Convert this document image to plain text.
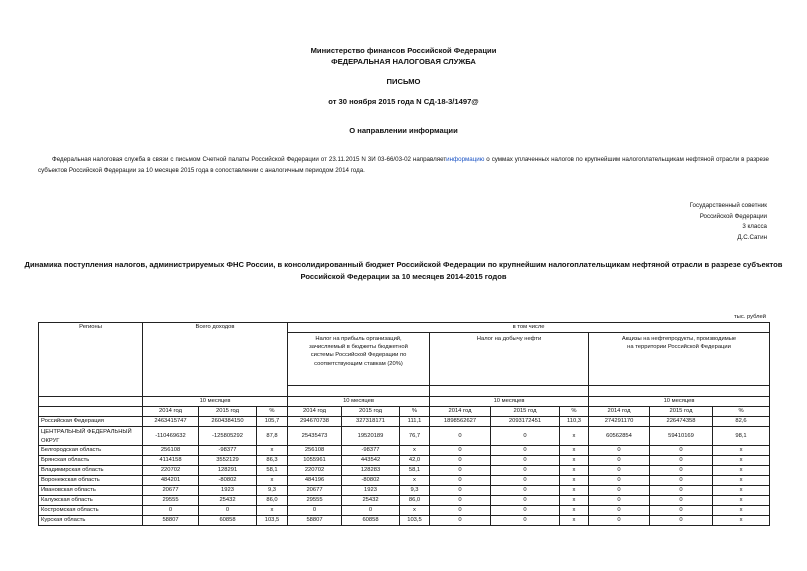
Министерство финансов Российской Федерации
ФЕДЕРАЛЬНАЯ НАЛОГОВАЯ СЛУЖБА
ПИСЬМО
от 30 ноября 2015 года N СД-18-3/1497@
О направлении информации
Федеральная налоговая служба в связи с письмом Счетной палаты Российской Федерации от 23.11.2015 N 3И 03-66/03-02 направляетинформацию о суммах уплаченных налогов по крупнейшим налогоплательщикам нефтяной отрасли в разрезе субъектов Российской Федерации за 10 месяцев 2015 года в сопоставлении с аналогичным периодом 2014 года.
Государственный советник
Российской Федерации
3 класса
Д.С.Сатин
Динамика поступления налогов, администрируемых ФНС России, в консолидированный бюджет Российской Федерации по крупнейшим налогоплательщикам нефтяной отрасли в разрезе субъектов Российской Федерации за 10 месяцев 2014-2015 годов
тыс. рублей
Регионы	Всего доходов			в том числе								

				Налог на прибыль организаций, зачисляемый в бюджеты бюджетной системы Российской Федерации по соответствующим ставкам (20%)			Налог на добычу нефти			Акцизы на нефтепродукты, производимые на территории Российской Федерации		

	10 месяцев			10 месяцев			10 месяцев			10 месяцев		
	2014 год	2015 год	%	2014 год	2015 год	%	2014 год	2015 год	%	2014 год	2015 год	%
Российская Федерация	2463415747	2604384150	105,7	294670738	327318171	111,1	1898562627	2093172451	110,3	274291170	226474358	82,6
ЦЕНТРАЛЬНЫЙ ФЕДЕРАЛЬНЫЙ ОКРУГ	-110469632	-125805292	87,8	25435473	19520189	76,7	0	0	x	60562854	59410169	98,1
Белгородская область	256108	-98377	x	256108	-98377	x	0	0	x	0	0	x
Брянская область	4114158	3552129	86,3	1055961	443542	42,0	0	0	x	0	0	x
Владимирская область	220702	128291	58,1	220702	128283	58,1	0	0	x	0	0	x
Воронежская область	484201	-80802	x	484196	-80802	x	0	0	x	0	0	x
Ивановская область	20677	1923	9,3	20677	1923	9,3	0	0	x	0	0	x
Калужская область	29555	25432	86,0	29555	25432	86,0	0	0	x	0	0	x
Костромская область	0	0	x	0	0	x	0	0	x	0	0	x
Курская область	58807	60858	103,5	58807	60858	103,5	0	0	x	0	0	x
